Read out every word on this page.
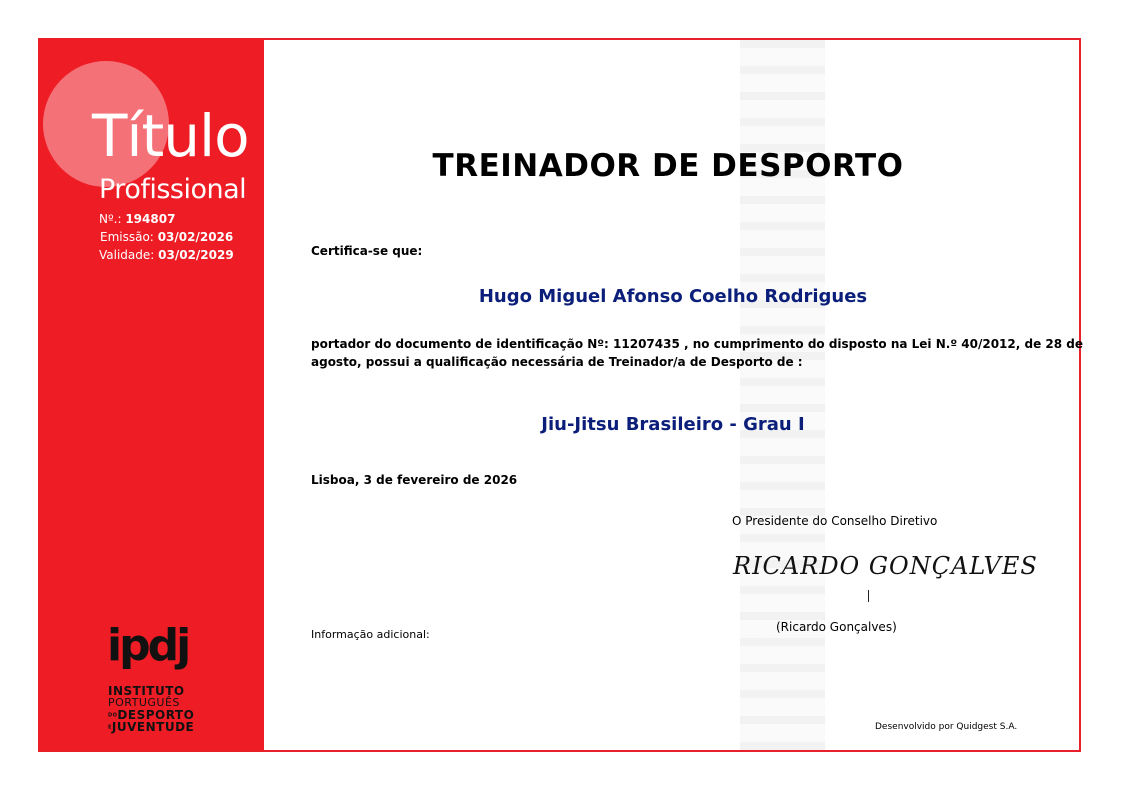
Título
Profissional
Nº.: 194807
Emissão: 03/02/2026
Validade: 03/02/2029
ipdj
INSTITUTO
PORTUGUÊS
DODESPORTO
EJUVENTUDE
TREINADOR DE DESPORTO
Certifica-se que:
Hugo Miguel Afonso Coelho Rodrigues
portador do documento de identificação Nº: 11207435 , no cumprimento do disposto na Lei N.º 40/2012, de 28 de
agosto, possui a qualificação necessária de Treinador/a de Desporto de :
Jiu-Jitsu Brasileiro - Grau I
Lisboa, 3 de fevereiro de 2026
O Presidente do Conselho Diretivo
RICARDO GONÇALVES
(Ricardo Gonçalves)
Informação adicional:
Desenvolvido por Quidgest S.A.
